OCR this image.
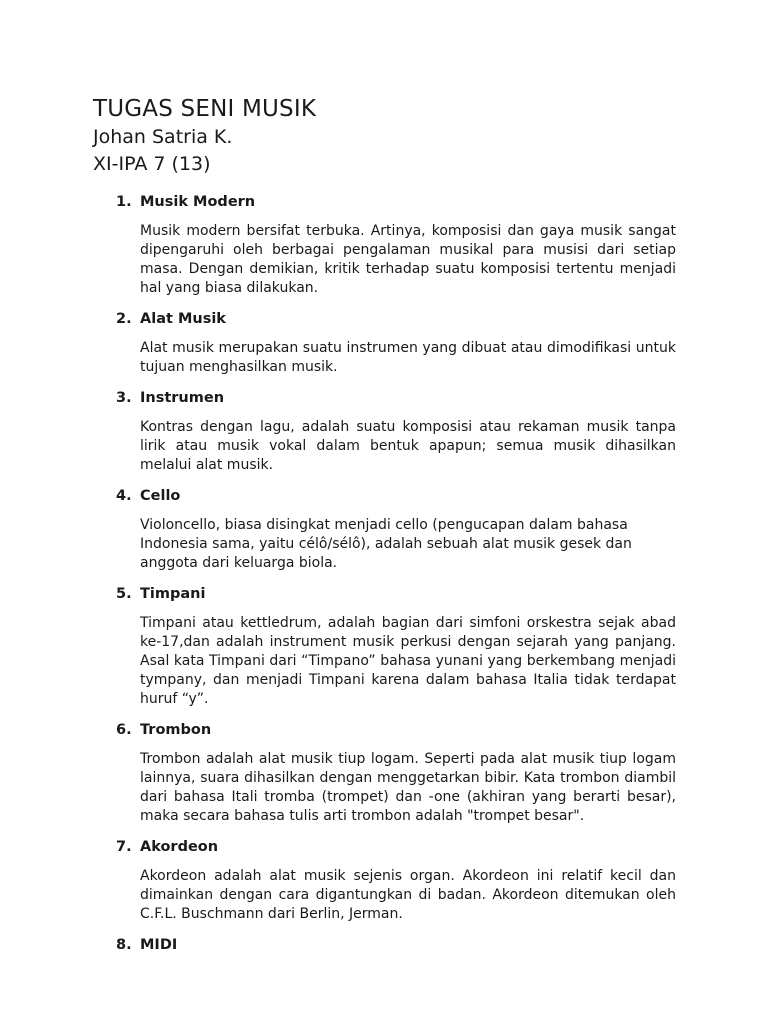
TUGAS SENI MUSIK
Johan Satria K.
XI-IPA 7 (13)
1. Musik Modern
Musik modern bersifat terbuka. Artinya, komposisi dan gaya musik sangat dipengaruhi oleh berbagai pengalaman musikal para musisi dari setiap masa. Dengan demikian, kritik terhadap suatu komposisi tertentu menjadi hal yang biasa dilakukan.
2. Alat Musik
Alat musik merupakan suatu instrumen yang dibuat atau dimodifikasi untuk tujuan menghasilkan musik.
3. Instrumen
Kontras dengan lagu, adalah suatu komposisi atau rekaman musik tanpa lirik atau musik vokal dalam bentuk apapun; semua musik dihasilkan melalui alat musik.
4. Cello
Violoncello, biasa disingkat menjadi cello (pengucapan dalam bahasa Indonesia sama, yaitu célô/sélô), adalah sebuah alat musik gesek dan anggota dari keluarga biola.
5. Timpani
Timpani atau kettledrum, adalah bagian dari simfoni orskestra sejak abad ke-17,dan adalah instrument musik perkusi dengan sejarah yang panjang. Asal kata Timpani dari “Timpano” bahasa yunani yang berkembang menjadi tympany, dan menjadi Timpani karena dalam bahasa Italia tidak terdapat huruf “y”.
6. Trombon
Trombon adalah alat musik tiup logam. Seperti pada alat musik tiup logam lainnya, suara dihasilkan dengan menggetarkan bibir. Kata trombon diambil dari bahasa Itali tromba (trompet) dan -one (akhiran yang berarti besar), maka secara bahasa tulis arti trombon adalah "trompet besar".
7. Akordeon
Akordeon adalah alat musik sejenis organ. Akordeon ini relatif kecil dan dimainkan dengan cara digantungkan di badan. Akordeon ditemukan oleh C.F.L. Buschmann dari Berlin, Jerman.
8. MIDI
